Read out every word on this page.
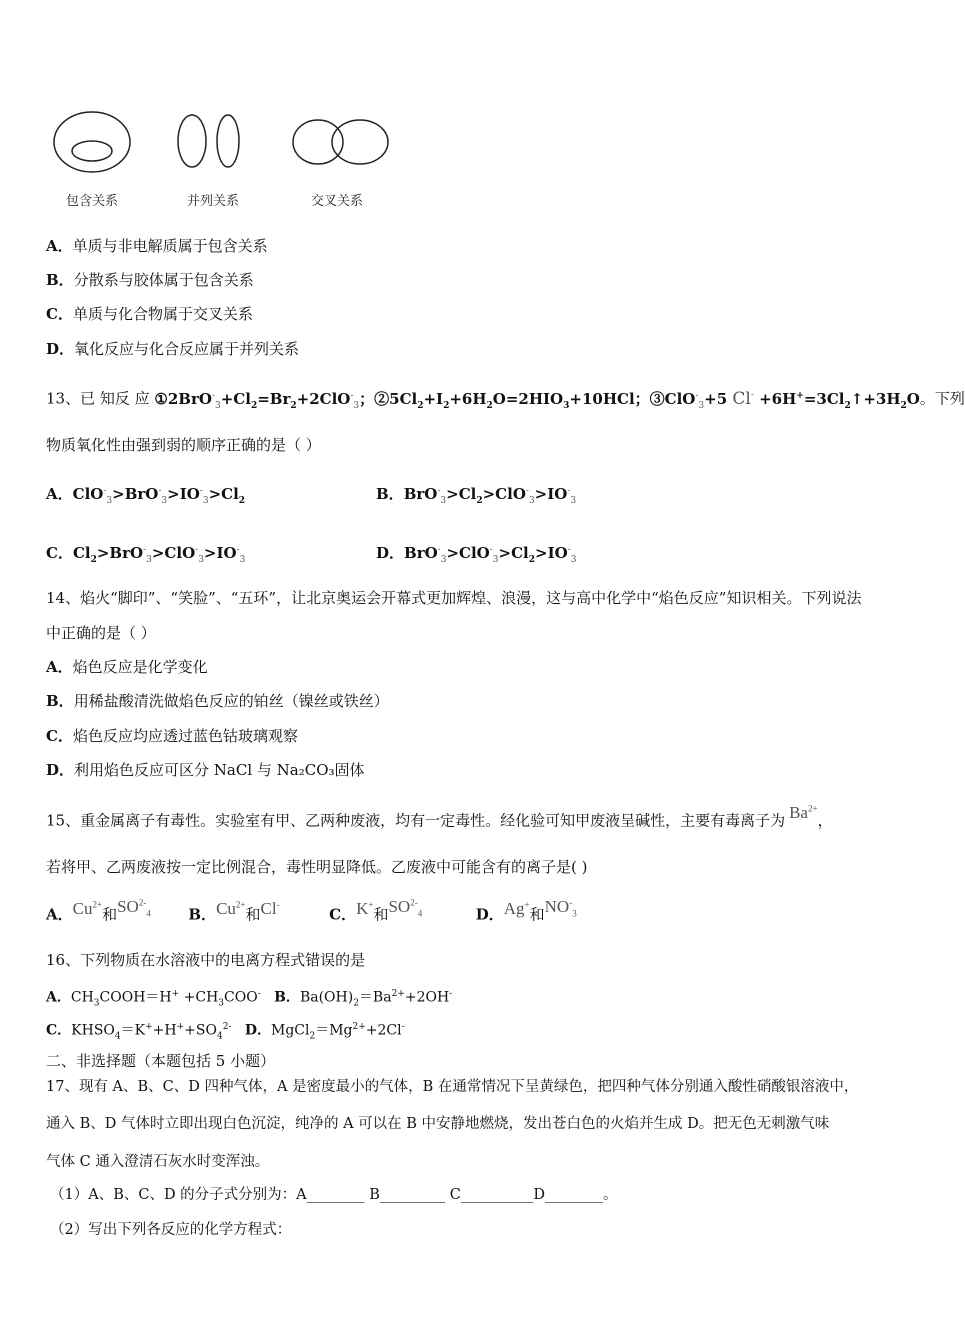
包含关系	并列关系	交叉关系
A．单质与非电解质属于包含关系
B．分散系与胶体属于包含关系
C．单质与化合物属于交叉关系
D．氧化反应与化合反应属于并列关系
13、已 知反 应 $①2BrO^-_3+Cl_2=Br_2+2ClO^-_3$；$②5Cl_2+I_2+6H_2O=2HIO_3+10HCl$；③ClO-$_3$+5 $Cl^- +6H^+=3Cl_2↑+3H_2O$。下列
物质氧化性由强到弱的顺序正确的是（ ）
A．$ClO^-_3>BrO^-_3>IO^-_3>Cl_2$	B．$BrO^-_3>Cl_2>ClO^-_3>IO^-_3$
C．$Cl_2>BrO^-_3>ClO^-_3>IO^-_3$	D．$BrO^-_3>ClO^-_3>Cl_2>IO^-_3$
14、焰火“脚印”、“笑脸”、“五环”，让北京奥运会开幕式更加辉煌、浪漫，这与高中化学中“焰色反应”知识相关。下列说法
中正确的是（ ）
A．焰色反应是化学变化
B．用稀盐酸清洗做焰色反应的铂丝（镍丝或铁丝）
C．焰色反应均应透过蓝色钴玻璃观察
D．利用焰色反应可区分 NaCl 与 Na₂CO₃固体
15、重金属离子有毒性。实验室有甲、乙两种废液，均有一定毒性。经化验可知甲废液呈碱性，主要有毒离子为 $Ba^{2+}$，
若将甲、乙两废液按一定比例混合，毒性明显降低。乙废液中可能含有的离子是( )
A．$Cu^{2+}$和$SO^{2-}_4$	B．$Cu^{2+}$和Cl-  C．K+和$SO^{2-}_4$	D．Ag+和$NO^-_3$
16、下列物质在水溶液中的电离方程式错误的是
A．$CH_3COOH=H^+ +CH_3COO^-$ B．$Ba(OH)_2=Ba^{2+}+2OH^-$
C．$KHSO_4=K^++H^++SO_4^{2-}$ D．$MgCl_2=Mg^{2+}+2Cl^-$
二、非选择题（本题包括 5 小题）
17、现有 A、B、C、D 四种气体，A 是密度最小的气体，B 在通常情况下呈黄绿色，把四种气体分别通入酸性硝酸银溶液中，
通入 B、D 气体时立即出现白色沉淀，纯净的 A 可以在 B 中安静地燃烧，发出苍白色的火焰并生成 D。把无色无刺激气味
气体 C 通入澄清石灰水时变浑浊。
（1）A、B、C、D 的分子式分别为：A________ B_________ C__________D________。
（2）写出下列各反应的化学方程式：
